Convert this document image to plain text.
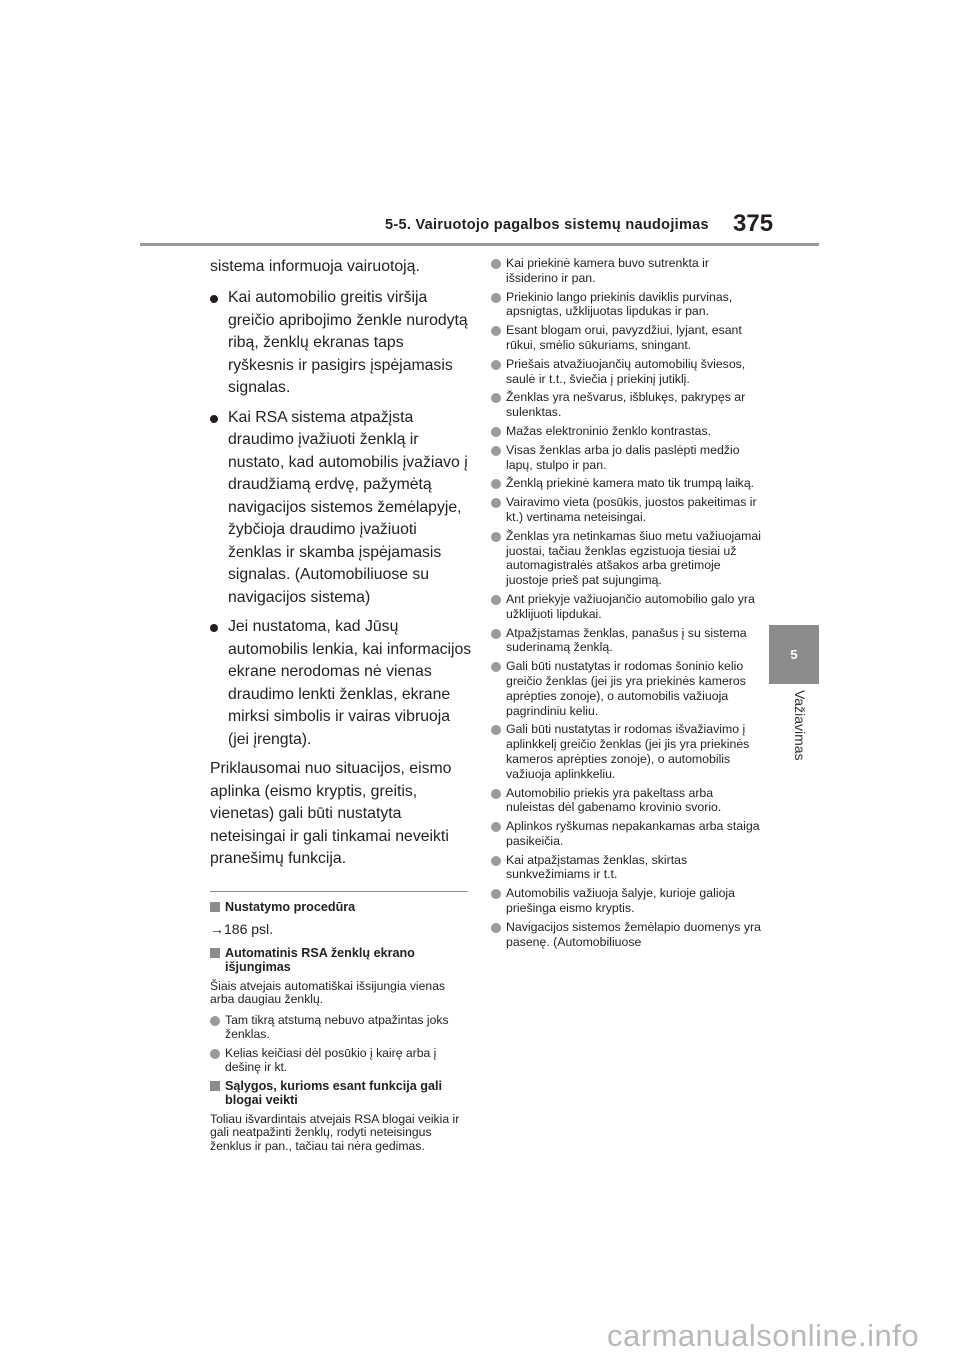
5-5. Vairuotojo pagalbos sistemų naudojimas 375
5
Važiavimas

sistema informuoja vairuotoją.

Kai automobilio greitis viršija greičio apribojimo ženkle nurodytą ribą, ženklų ekranas taps ryškesnis ir pasigirs įspėjamasis signalas.
Kai RSA sistema atpažįsta draudimo įvažiuoti ženklą ir nustato, kad automobilis įvažiavo į draudžiamą erdvę, pažymėtą navigacijos sistemos žemėlapyje, žybčioja draudimo įvažiuoti ženklas ir skamba įspėjamasis signalas. (Automobiliuose su navigacijos sistema)
Jei nustatoma, kad Jūsų automobilis lenkia, kai informacijos ekrane nerodomas nė vienas draudimo lenkti ženklas, ekrane mirksi simbolis ir vairas vibruoja (jei įrengta).

Priklausomai nuo situacijos, eismo aplinka (eismo kryptis, greitis, vienetas) gali būti nustatyta neteisingai ir gali tinkamai neveikti pranešimų funkcija.

Nustatymo procedūra

→186 psl.

Automatinis RSA ženklų ekrano išjungimas

Šiais atvejais automatiškai išsijungia vienas arba daugiau ženklų.

Tam tikrą atstumą nebuvo atpažintas joks ženklas.
Kelias keičiasi dėl posūkio į kairę arba į dešinę ir kt.
Sąlygos, kurioms esant funkcija gali blogai veikti

Toliau išvardintais atvejais RSA blogai veikia ir gali neatpažinti ženklų, rodyti neteisingus ženklus ir pan., tačiau tai nėra gedimas.

Kai priekinė kamera buvo sutrenkta ir išsiderino ir pan.
Priekinio lango priekinis daviklis purvinas, apsnigtas, užklijuotas lipdukas ir pan.
Esant blogam orui, pavyzdžiui, lyjant, esant rūkui, smėlio sūkuriams, sningant.
Priešais atvažiuojančių automobilių šviesos, saulė ir t.t., šviečia į priekinį jutiklį.
Ženklas yra nešvarus, išblukęs, pakrypęs ar sulenktas.
Mažas elektroninio ženklo kontrastas.
Visas ženklas arba jo dalis paslėpti medžio lapų, stulpo ir pan.
Ženklą priekinė kamera mato tik trumpą laiką.
Vairavimo vieta (posūkis, juostos pakeitimas ir kt.) vertinama neteisingai.
Ženklas yra netinkamas šiuo metu važiuojamai juostai, tačiau ženklas egzistuoja tiesiai už automagistralės atšakos arba gretimoje juostoje prieš pat sujungimą.
Ant priekyje važiuojančio automobilio galo yra užklijuoti lipdukai.
Atpažįstamas ženklas, panašus į su sistema suderinamą ženklą.
Gali būti nustatytas ir rodomas šoninio kelio greičio ženklas (jei jis yra priekinės kameros aprėpties zonoje), o automobilis važiuoja pagrindiniu keliu.
Gali būti nustatytas ir rodomas išvažiavimo į aplinkkelį greičio ženklas (jei jis yra priekinės kameros aprėpties zonoje), o automobilis važiuoja aplinkkeliu.
Automobilio priekis yra pakeltass arba nuleistas dėl gabenamo krovinio svorio.
Aplinkos ryškumas nepakankamas arba staiga pasikeičia.
Kai atpažįstamas ženklas, skirtas sunkvežimiams ir t.t.
Automobilis važiuoja šalyje, kurioje galioja priešinga eismo kryptis.
Navigacijos sistemos žemėlapio duomenys yra pasenę. (Automobiliuose
carmanualsonline.info
